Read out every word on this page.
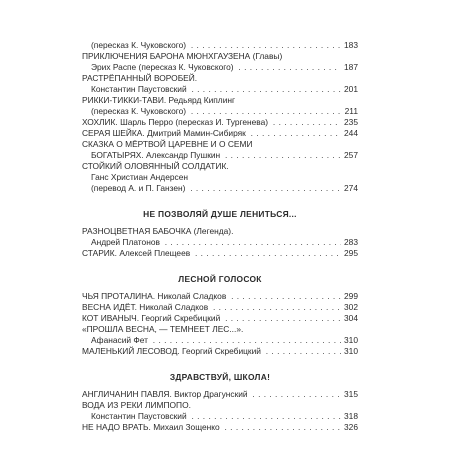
(пересказ К. Чуковского)	183
. . .
ПРИКЛЮЧЕНИЯ БАРОНА МЮНХГАУЗЕНА (Главы)
Эрих Распе (пересказ К. Чуковского)	187
. . .
РАСТРЁПАННЫЙ ВОРОБЕЙ.
Константин Паустовский	201
. . .
РИККИ-ТИККИ-ТАВИ. Редьярд Киплинг
(пересказ К. Чуковского)	211
. . .
ХОХЛИК. Шарль Перро (пересказ И. Тургенева)	235
. . .
СЕРАЯ ШЕЙКА. Дмитрий Мамин-Сибиряк	244
. . .
СКАЗКА О МЁРТВОЙ ЦАРЕВНЕ И О СЕМИ
БОГАТЫРЯХ. Александр Пушкин	257
. . .
СТОЙКИЙ ОЛОВЯННЫЙ СОЛДАТИК.
Ганс Христиан Андерсен
(перевод А. и П. Ганзен)	274
. . .
НЕ ПОЗВОЛЯЙ ДУШЕ ЛЕНИТЬСЯ...
РАЗНОЦВЕТНАЯ БАБОЧКА (Легенда).
Андрей Платонов	283
. . .
СТАРИК. Алексей Плещеев	295
. . .
ЛЕСНОЙ ГОЛОСОК
ЧЬЯ ПРОТАЛИНА. Николай Сладков	299
. . .
ВЕСНА ИДЁТ. Николай Сладков	302
. . .
КОТ ИВАНЫЧ. Георгий Скребицкий	304
. . .
«ПРОШЛА ВЕСНА, — ТЕМНЕЕТ ЛЕС...».
Афанасий Фет	310
. . .
МАЛЕНЬКИЙ ЛЕСОВОД. Георгий Скребицкий	310
. . .
ЗДРАВСТВУЙ, ШКОЛА!
АНГЛИЧАНИН ПАВЛЯ. Виктор Драгунский	315
. . .
ВОДА ИЗ РЕКИ ЛИМПОПО.
Константин Паустовский	318
. . .
НЕ НАДО ВРАТЬ. Михаил Зощенко	326
. . .
